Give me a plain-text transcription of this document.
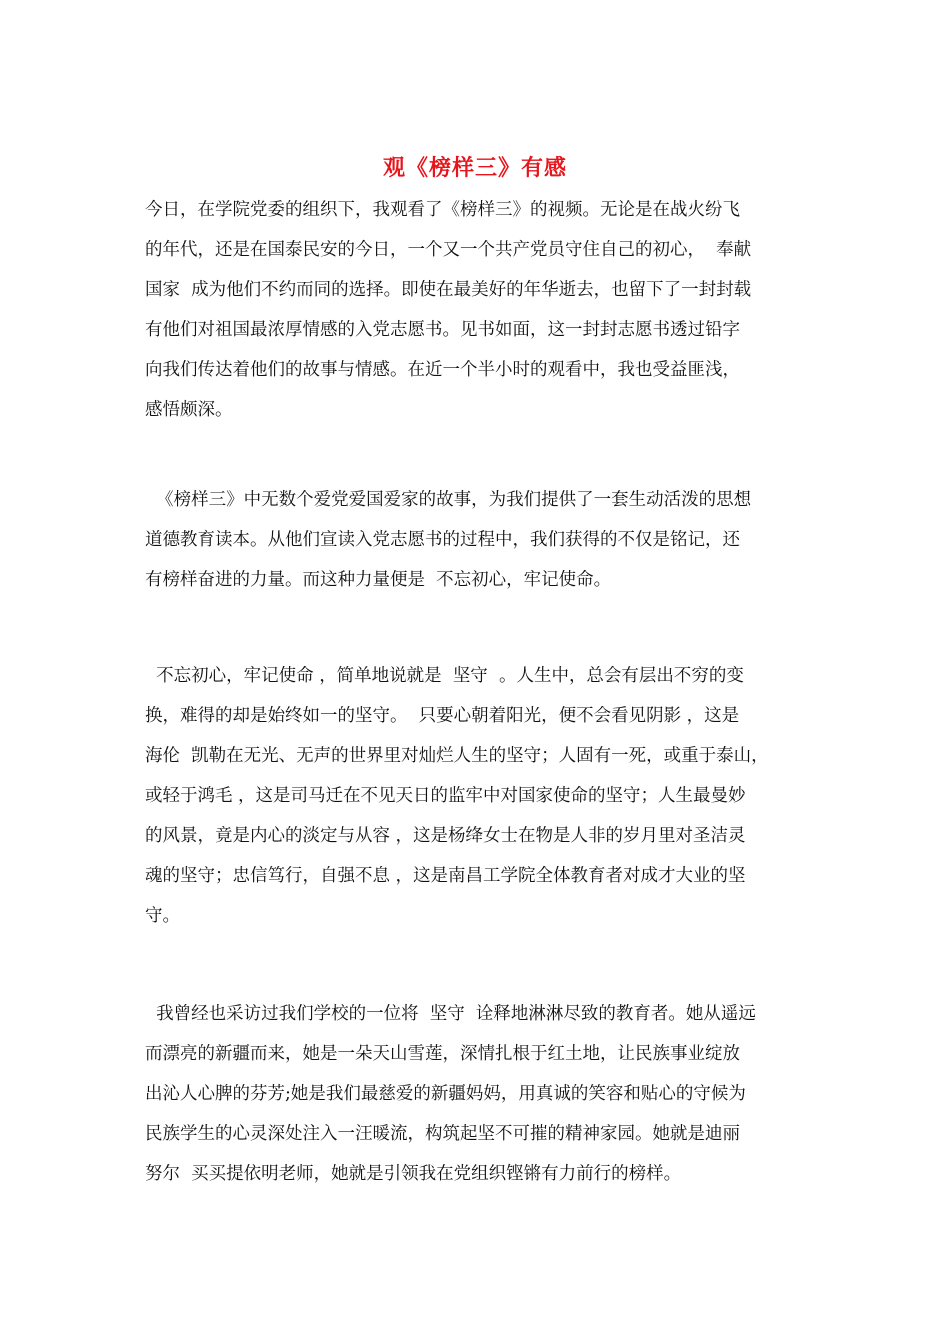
观《榜样三》有感
今日，在学院党委的组织下，我观看了《榜样三》的视频。无论是在战火纷飞
的年代，还是在国泰民安的今日，一个又一个共产党员守住自己的初心，  奉献
国家  成为他们不约而同的选择。即使在最美好的年华逝去，也留下了一封封载
有他们对祖国最浓厚情感的入党志愿书。见书如面，这一封封志愿书透过铅字
向我们传达着他们的故事与情感。在近一个半小时的观看中，我也受益匪浅，
感悟颇深。
《榜样三》中无数个爱党爱国爱家的故事，为我们提供了一套生动活泼的思想
道德教育读本。从他们宣读入党志愿书的过程中，我们获得的不仅是铭记，还
有榜样奋进的力量。而这种力量便是  不忘初心，牢记使命。
不忘初心，牢记使命 ，简单地说就是  坚守  。人生中，总会有层出不穷的变
换，难得的却是始终如一的坚守。  只要心朝着阳光，便不会看见阴影 ，这是
海伦  凯勒在无光、无声的世界里对灿烂人生的坚守；人固有一死，或重于泰山，
或轻于鸿毛 ，这是司马迁在不见天日的监牢中对国家使命的坚守；人生最曼妙
的风景，竟是内心的淡定与从容 ，这是杨绛女士在物是人非的岁月里对圣洁灵
魂的坚守；忠信笃行，自强不息 ，这是南昌工学院全体教育者对成才大业的坚
守。
我曾经也采访过我们学校的一位将  坚守  诠释地淋淋尽致的教育者。她从遥远
而漂亮的新疆而来，她是一朵天山雪莲，深情扎根于红土地，让民族事业绽放
出沁人心脾的芬芳;她是我们最慈爱的新疆妈妈，用真诚的笑容和贴心的守候为
民族学生的心灵深处注入一汪暖流，构筑起坚不可摧的精神家园。她就是迪丽
努尔  买买提依明老师，她就是引领我在党组织铿锵有力前行的榜样。
